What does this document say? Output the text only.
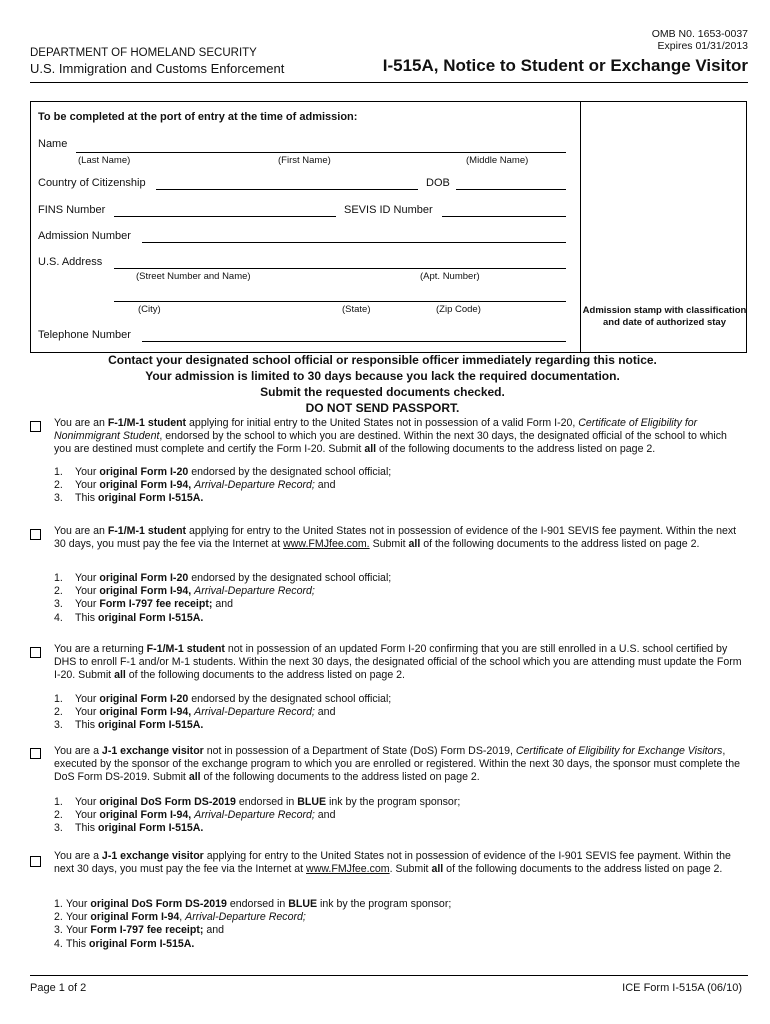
OMB N0. 1653-0037
Expires 01/31/2013
DEPARTMENT OF HOMELAND SECURITY
U.S. Immigration and Customs Enforcement	I-515A, Notice to Student or Exchange Visitor
Admission stamp with classification and date of authorized stay
To be completed at the port of entry at the time of admission:
Name
(Last Name)	(First Name)	(Middle Name)
Country of Citizenship	DOB
FINS Number	SEVIS ID Number
Admission Number
U.S. Address
(Street Number and Name)	(Apt. Number)
(City)	(State)	(Zip Code)
Telephone Number
Contact your designated school official or responsible officer immediately regarding this notice.
Your admission is limited to 30 days because you lack the required documentation.
Submit the requested documents checked.
DO NOT SEND PASSPORT.
You are an F-1/M-1 student applying for initial entry to the United States not in possession of a valid Form I-20, Certificate of Eligibility for Nonimmigrant Student, endorsed by the school to which you are destined. Within the next 30 days, the designated official of the school to which you are destined must complete and certify the Form I-20. Submit all of the following documents to the address listed on page 2.
1.	Your original Form I-20 endorsed by the designated school official;
2.	Your original Form I-94, Arrival-Departure Record; and
3.	This original Form I-515A.
You are an F-1/M-1 student applying for entry to the United States not in possession of evidence of the I-901 SEVIS fee payment. Within the next 30 days, you must pay the fee via the Internet at www.FMJfee.com. Submit all of the following documents to the address listed on page 2.
1.	Your original Form I-20 endorsed by the designated school official;
2.	Your original Form I-94, Arrival-Departure Record;
3.	Your Form I-797 fee receipt; and
4.	This original Form I-515A.
You are a returning F-1/M-1 student not in possession of an updated Form I-20 confirming that you are still enrolled in a U.S. school certified by DHS to enroll F-1 and/or M-1 students. Within the next 30 days, the designated official of the school which you are attending must update the Form I-20. Submit all of the following documents to the address listed on page 2.
1.	Your original Form I-20 endorsed by the designated school official;
2.	Your original Form I-94, Arrival-Departure Record; and
3.	This original Form I-515A.
You are a J-1 exchange visitor not in possession of a Department of State (DoS) Form DS-2019, Certificate of Eligibility for Exchange Visitors, executed by the sponsor of the exchange program to which you are enrolled or registered. Within the next 30 days, the sponsor must complete the DoS Form DS-2019. Submit all of the following documents to the address listed on page 2.
1.	Your original DoS Form DS-2019 endorsed in BLUE ink by the program sponsor;
2.	Your original Form I-94, Arrival-Departure Record; and
3.	This original Form I-515A.
You are a J-1 exchange visitor applying for entry to the United States not in possession of evidence of the I-901 SEVIS fee payment. Within the next 30 days, you must pay the fee via the Internet at www.FMJfee.com. Submit all of the following documents to the address listed on page 2.
1. Your original DoS Form DS-2019 endorsed in BLUE ink by the program sponsor;
2. Your original Form I-94, Arrival-Departure Record;
3. Your Form I-797 fee receipt; and
4. This original Form I-515A.
Page 1 of 2	ICE Form I-515A (06/10)
